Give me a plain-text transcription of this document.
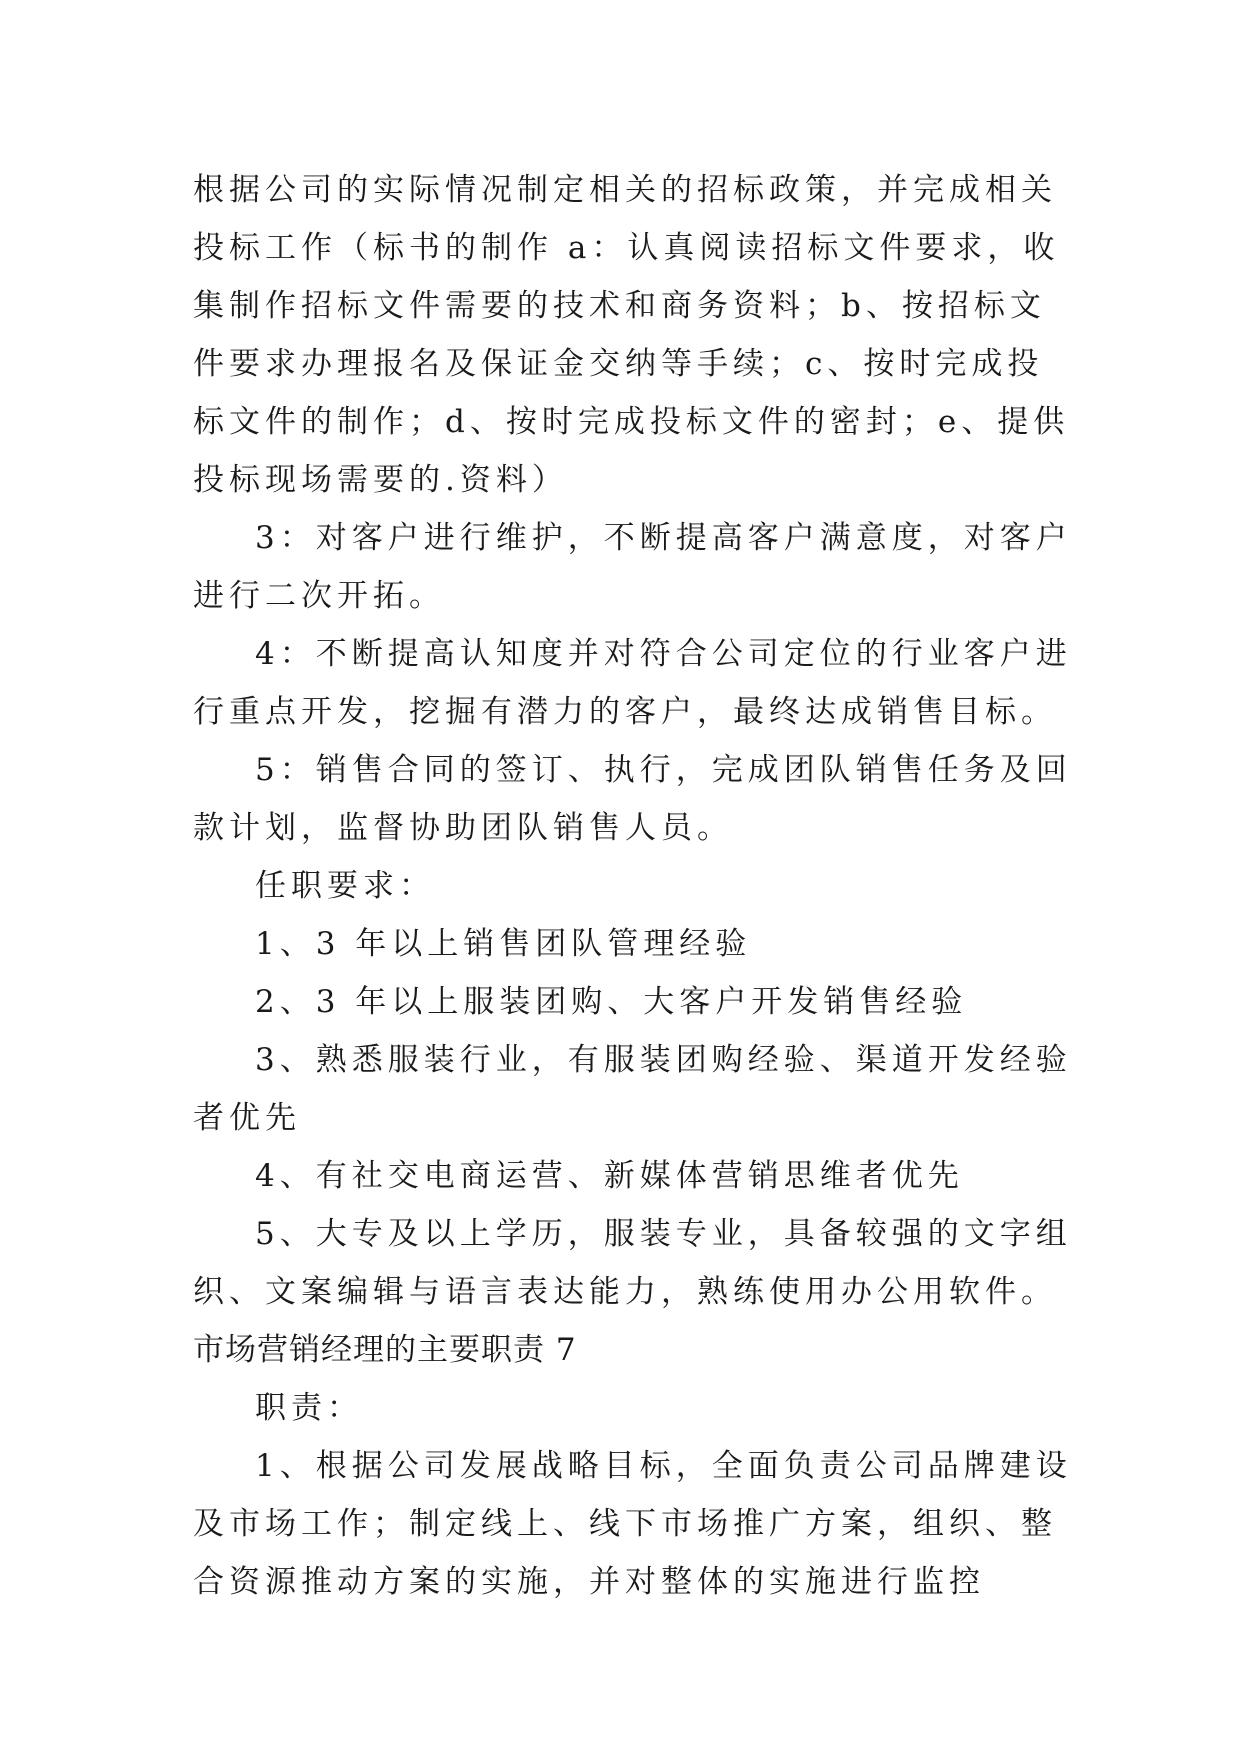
根据公司的实际情况制定相关的招标政策，并完成相关投标工作（标书的制作 a：认真阅读招标文件要求，收集制作招标文件需要的技术和商务资料；b、按招标文件要求办理报名及保证金交纳等手续；c、按时完成投标文件的制作；d、按时完成投标文件的密封；e、提供投标现场需要的.资料）

3：对客户进行维护，不断提高客户满意度，对客户进行二次开拓。

4：不断提高认知度并对符合公司定位的行业客户进行重点开发，挖掘有潜力的客户，最终达成销售目标。

5：销售合同的签订、执行，完成团队销售任务及回款计划，监督协助团队销售人员。

任职要求：

1、3 年以上销售团队管理经验

2、3 年以上服装团购、大客户开发销售经验

3、熟悉服装行业，有服装团购经验、渠道开发经验者优先

4、有社交电商运营、新媒体营销思维者优先

5、大专及以上学历，服装专业，具备较强的文字组织、文案编辑与语言表达能力，熟练使用办公用软件。

市场营销经理的主要职责 7

职责：

1、根据公司发展战略目标，全面负责公司品牌建设及市场工作；制定线上、线下市场推广方案，组织、整合资源推动方案的实施，并对整体的实施进行监控
